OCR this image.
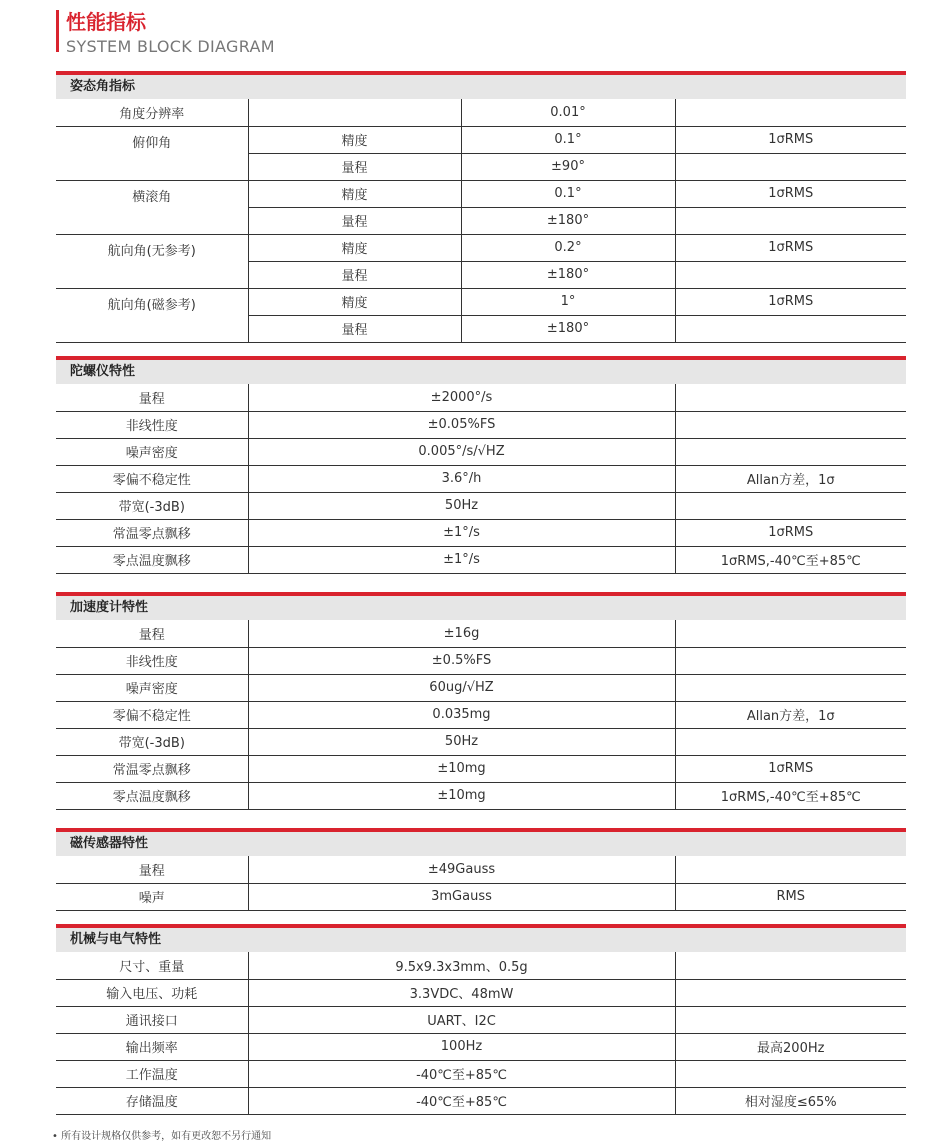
性能指标
SYSTEM BLOCK DIAGRAM
姿态角指标
角度分辨率		0.01°	
俯仰角	精度	0.1°	1σRMS
	量程	±90°	
横滚角	精度	0.1°	1σRMS
	量程	±180°	
航向角(无参考)	精度	0.2°	1σRMS
	量程	±180°	
航向角(磁参考)	精度	1°	1σRMS
	量程	±180°	
陀螺仪特性
量程	±2000°/s	
非线性度	±0.05%FS	
噪声密度	0.005°/s/√HZ	
零偏不稳定性	3.6°/h	Allan方差，1σ
带宽(-3dB)	50Hz	
常温零点飘移	±1°/s	1σRMS
零点温度飘移	±1°/s	1σRMS,-40℃至+85℃
加速度计特性
量程	±16g	
非线性度	±0.5%FS	
噪声密度	60ug/√HZ	
零偏不稳定性	0.035mg	Allan方差，1σ
带宽(-3dB)	50Hz	
常温零点飘移	±10mg	1σRMS
零点温度飘移	±10mg	1σRMS,-40℃至+85℃
磁传感器特性
量程	±49Gauss	
噪声	3mGauss	RMS
机械与电气特性
尺寸、重量	9.5x9.3x3mm、0.5g	
输入电压、功耗	3.3VDC、48mW	
通讯接口	UART、I2C	
输出频率	100Hz	最高200Hz
工作温度	-40℃至+85℃	
存储温度	-40℃至+85℃	相对湿度≤65%
• 所有设计规格仅供参考，如有更改恕不另行通知
